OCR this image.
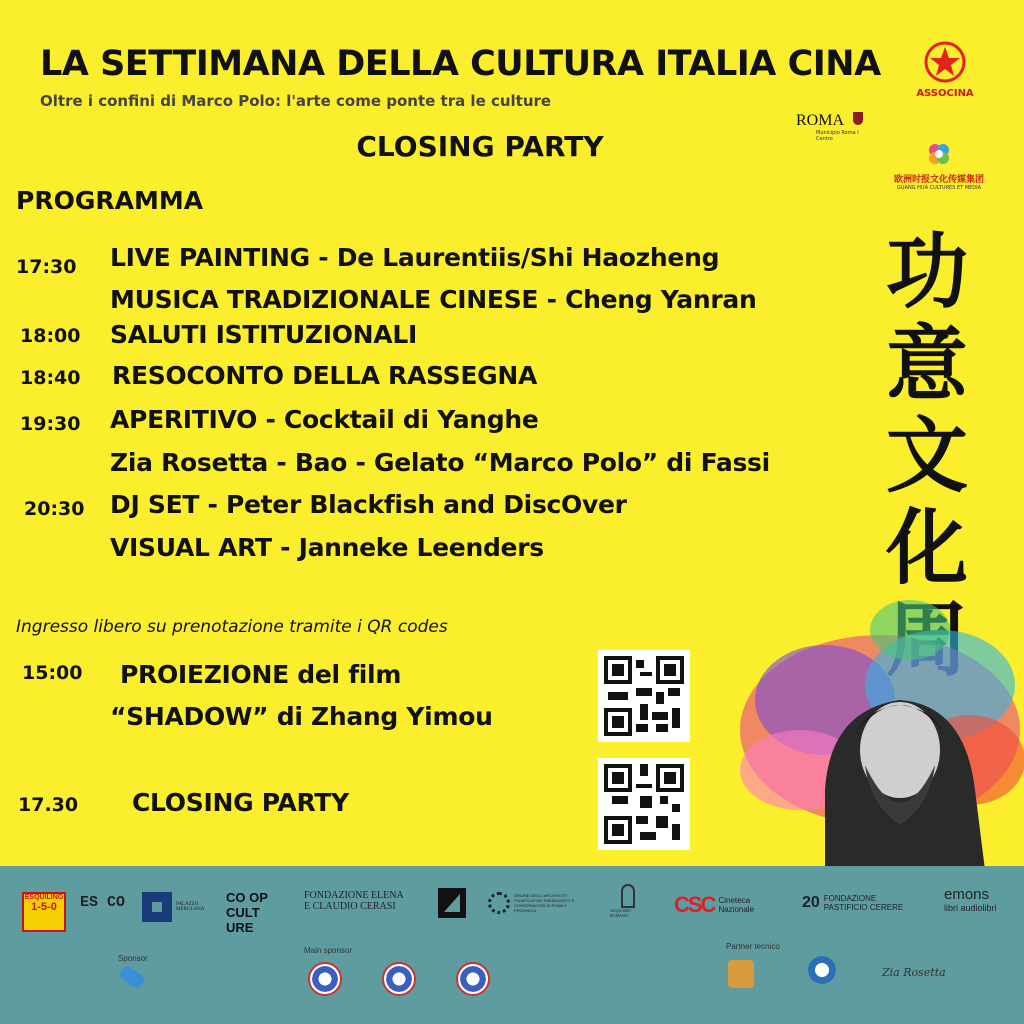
LA SETTIMANA DELLA CULTURA ITALIA CINA
Oltre i confini di Marco Polo: l'arte come ponte tra le culture
CLOSING PARTY
PROGRAMMA
ASSOCINA
ROMA
Municipio Roma I Centro
欧洲时报文化传媒集团
GUANG HUA CULTURES ET MEDIA
功
意
文
化
17:30 LIVE PAINTING - De Laurentiis/Shi Haozheng
MUSICA TRADIZIONALE CINESE - Cheng Yanran
18:00 SALUTI ISTITUZIONALI
18:40 RESOCONTO DELLA RASSEGNA
19:30 APERITIVO - Cocktail di Yanghe
Zia Rosetta - Bao - Gelato “Marco Polo” di Fassi
20:30 DJ SET - Peter Blackfish and DiscOver
VISUAL ART - Janneke Leenders
Ingresso libero su prenotazione tramite i QR codes
15:00 PROIEZIONE del film
“SHADOW” di Zhang Yimou
17.30 CLOSING PARTY
ESQUILINO
1-5-0 ES CO	PALAZZO MERULANA
CO OP CULT URE
FONDAZIONE ELENA E CLAUDIO CERASI
ORDINE DEGLI ARCHITETTI PIANIFICATORI PAESAGGISTI E CONSERVATORI DI ROMA E PROVINCIA	ACQUARIO ROMANO	CSC Cineteca Nazionale	20 FONDAZIONE PASTIFICIO CERERE
emons
libri audiolibri
Sponsor
Main sponsor	Partner tecnico
Zia Rosetta
